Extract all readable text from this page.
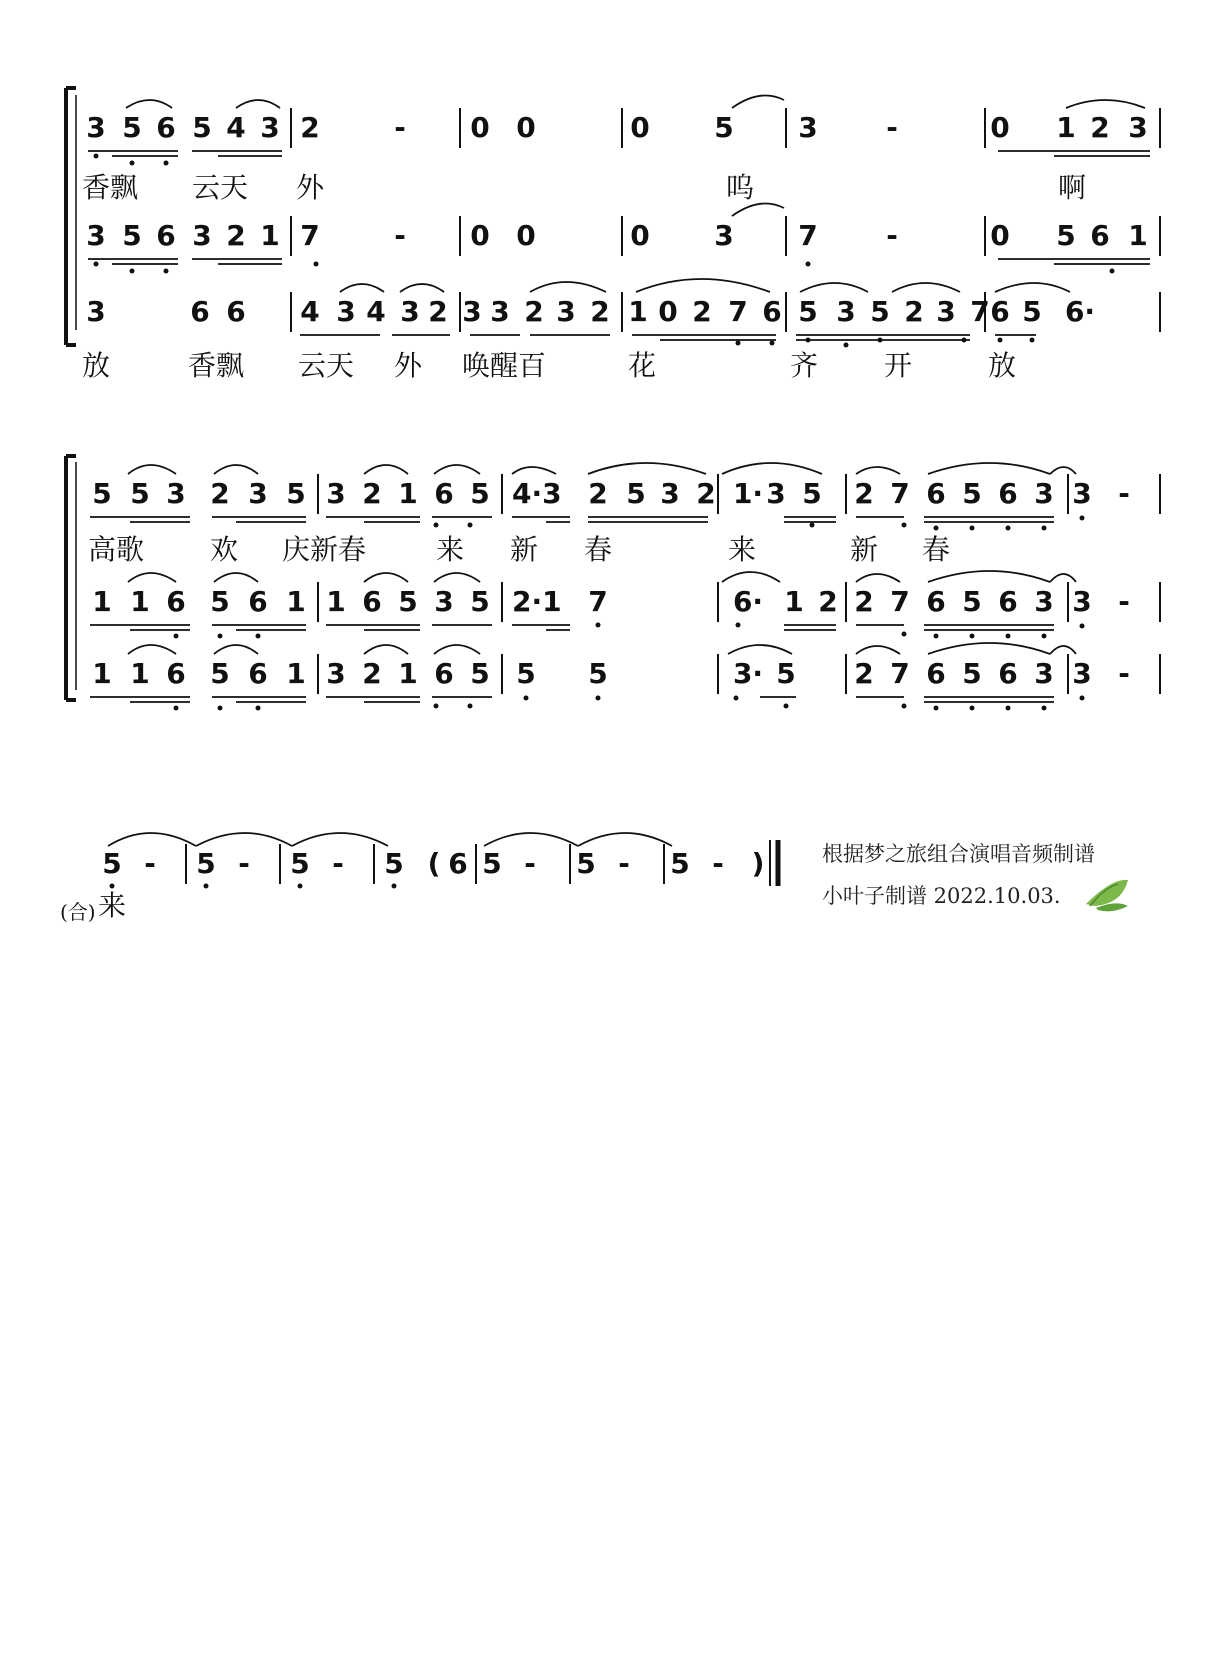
3 5 6 5 4 3 2	- 0 0	0 5 3 -	0 1 2 3
3 5 6 3 2 1 7	- 0 0	0 3 7 -	0 5 6 1
3	6 6 4 3 4 3 2 3 3 2 3 2 1 0 2 7 6 5 3 5 2 3 7 6 5 6·
5 5 3 2 3 5 3 2 1 6 5 4·3 2 5 3 2 1· 3 5 2 7 6 5 6 3 3 -
1 1 6 5 6 1 1 6 5 3 5 2·1 7	6· 1 2 2 7 6 5 6 3 3 -
1 1 6 5 6 1 3 2 1 6 5 5 5	3· 5 2 7 6 5 6 3 3 -
5 - 5 - 5 - 5 ( 6 5 - 5 - 5 - )
香飘 云天 外	呜	啊
放	香飘 云天 外 唤醒百	花	齐 开	放
高歌 欢 庆新春 来 新 春	来	新 春
(合) 来
根据梦之旅组合演唱音频制谱
小叶子制谱 2022.10.03.
